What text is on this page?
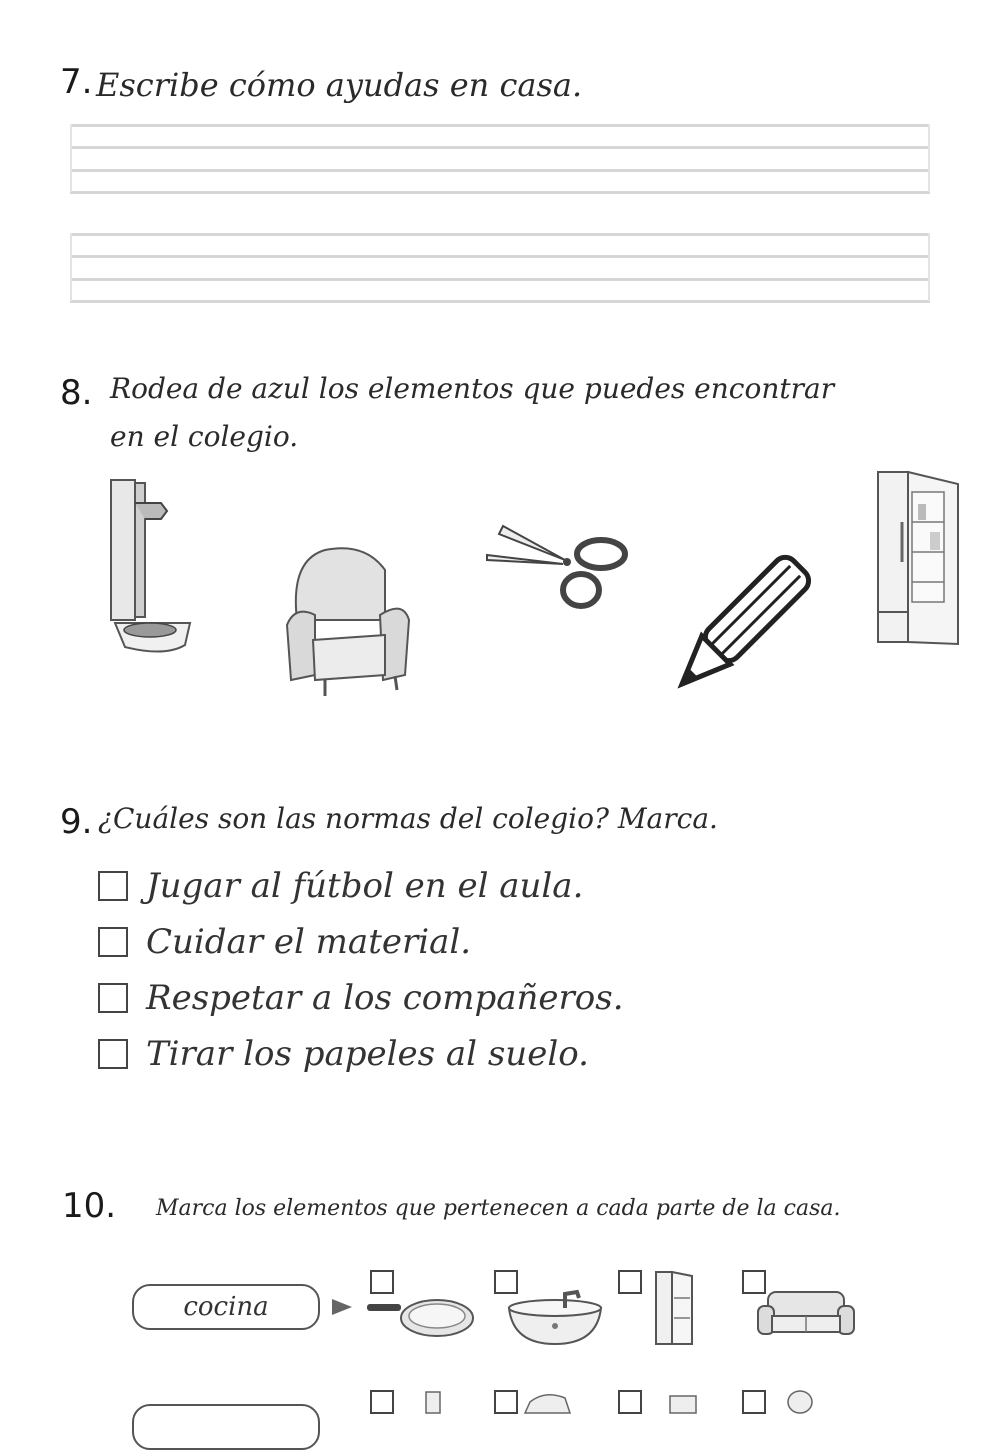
7. Escribe cómo ayudas en casa.
8. Rodea de azul los elementos que puedes encontrar
en el colegio.
9. ¿Cuáles son las normas del colegio? Marca.
Jugar al fútbol en el aula.
Cuidar el material.
Respetar a los compañeros.
Tirar los papeles al suelo.
10. Marca los elementos que pertenecen a cada parte de la casa.
cocina
